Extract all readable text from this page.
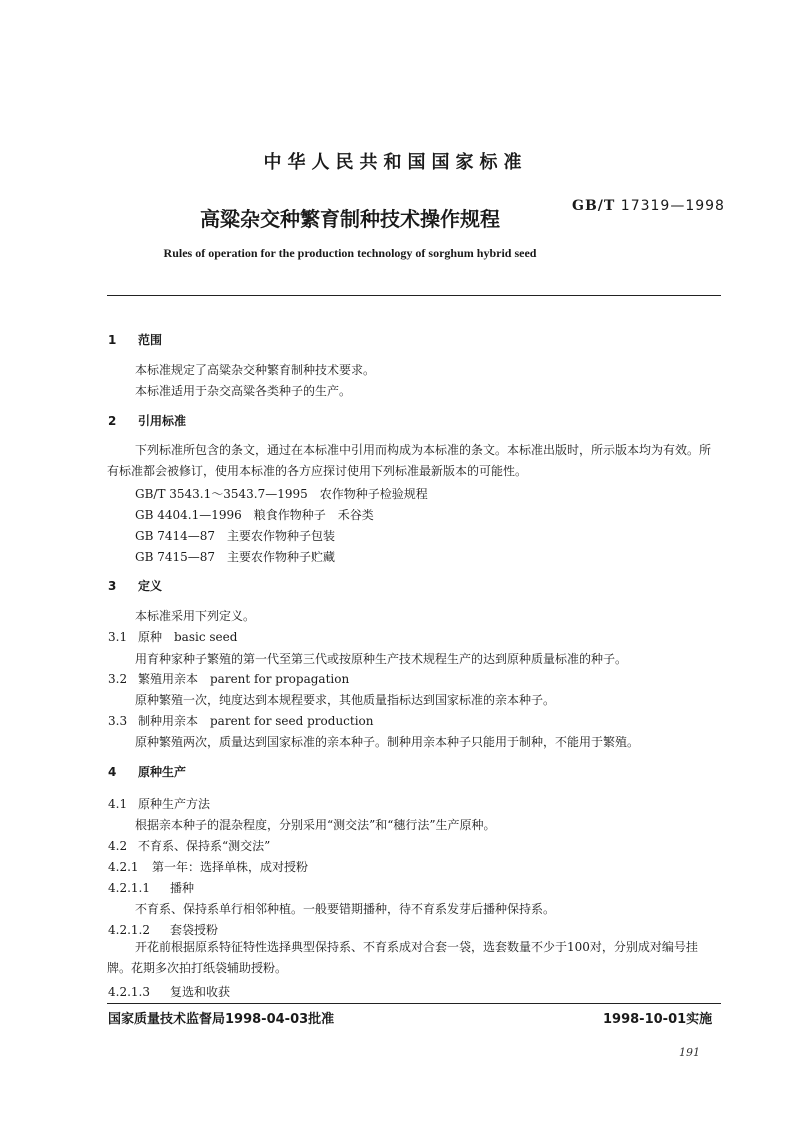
中华人民共和国国家标准
GB/T 17319—1998
高粱杂交种繁育制种技术操作规程
Rules of operation for the production technology of sorghum hybrid seed
1 范围
本标准规定了高粱杂交种繁育制种技术要求。
本标准适用于杂交高粱各类种子的生产。
2 引用标准
下列标准所包含的条文，通过在本标准中引用而构成为本标准的条文。本标准出版时，所示版本均为有效。所有标准都会被修订，使用本标准的各方应探讨使用下列标准最新版本的可能性。
GB/T 3543.1～3543.7—1995　农作物种子检验规程
GB 4404.1—1996　粮食作物种子　禾谷类
GB 7414—87　主要农作物种子包装
GB 7415—87　主要农作物种子贮藏
3 定义
本标准采用下列定义。
3.1 原种　basic seed
用育种家种子繁殖的第一代至第三代或按原种生产技术规程生产的达到原种质量标准的种子。
3.2 繁殖用亲本　parent for propagation
原种繁殖一次，纯度达到本规程要求，其他质量指标达到国家标准的亲本种子。
3.3 制种用亲本　parent for seed production
原种繁殖两次，质量达到国家标准的亲本种子。制种用亲本种子只能用于制种，不能用于繁殖。
4 原种生产
4.1 原种生产方法
根据亲本种子的混杂程度，分别采用“测交法”和“穗行法”生产原种。
4.2 不育系、保持系“测交法”
4.2.1 第一年：选择单株，成对授粉
4.2.1.1 播种
不育系、保持系单行相邻种植。一般要错期播种，待不育系发芽后播种保持系。
4.2.1.2 套袋授粉
开花前根据原系特征特性选择典型保持系、不育系成对合套一袋，选套数量不少于100对，分别成对编号挂牌。花期多次拍打纸袋辅助授粉。
4.2.1.3 复选和收获
国家质量技术监督局1998-04-03批准	1998-10-01实施
191
